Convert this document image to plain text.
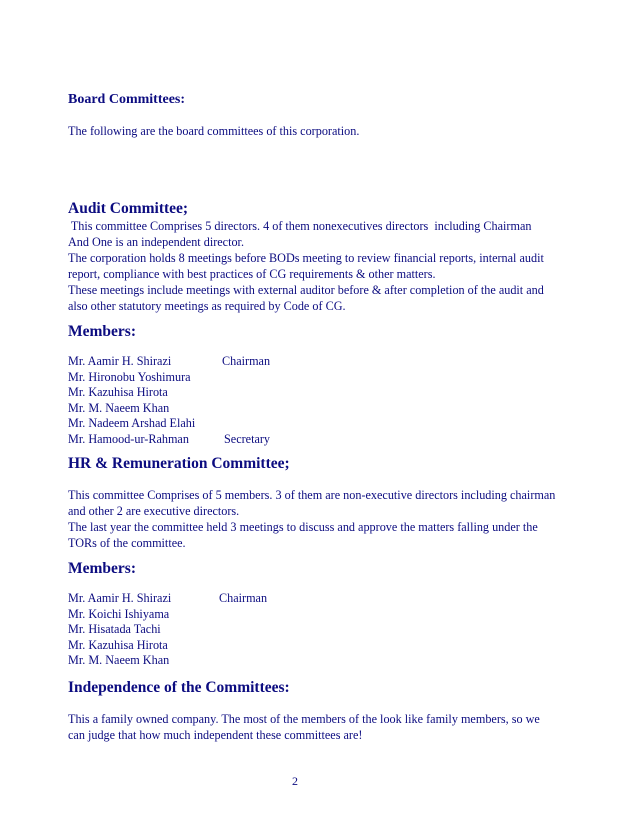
Board Committees:
The following are the board committees of this corporation.
Audit Committee;
This committee Comprises 5 directors. 4 of them nonexecutives directors  including Chairman
And One is an independent director.
The corporation holds 8 meetings before BODs meeting to review financial reports, internal audit
report, compliance with best practices of CG requirements & other matters.
These meetings include meetings with external auditor before & after completion of the audit and
also other statutory meetings as required by Code of CG.
Members:
Mr. Aamir H. Shirazi	Chairman
Mr. Hironobu Yoshimura
Mr. Kazuhisa Hirota
Mr. M. Naeem Khan
Mr. Nadeem Arshad Elahi
Mr. Hamood-ur-Rahman	Secretary
HR & Remuneration Committee;
This committee Comprises of 5 members. 3 of them are non-executive directors including chairman
and other 2 are executive directors.
The last year the committee held 3 meetings to discuss and approve the matters falling under the
TORs of the committee.
Members:
Mr. Aamir H. Shirazi	Chairman
Mr. Koichi Ishiyama
Mr. Hisatada Tachi
Mr. Kazuhisa Hirota
Mr. M. Naeem Khan
Independence of the Committees:
This a family owned company. The most of the members of the look like family members, so we
can judge that how much independent these committees are!
2
